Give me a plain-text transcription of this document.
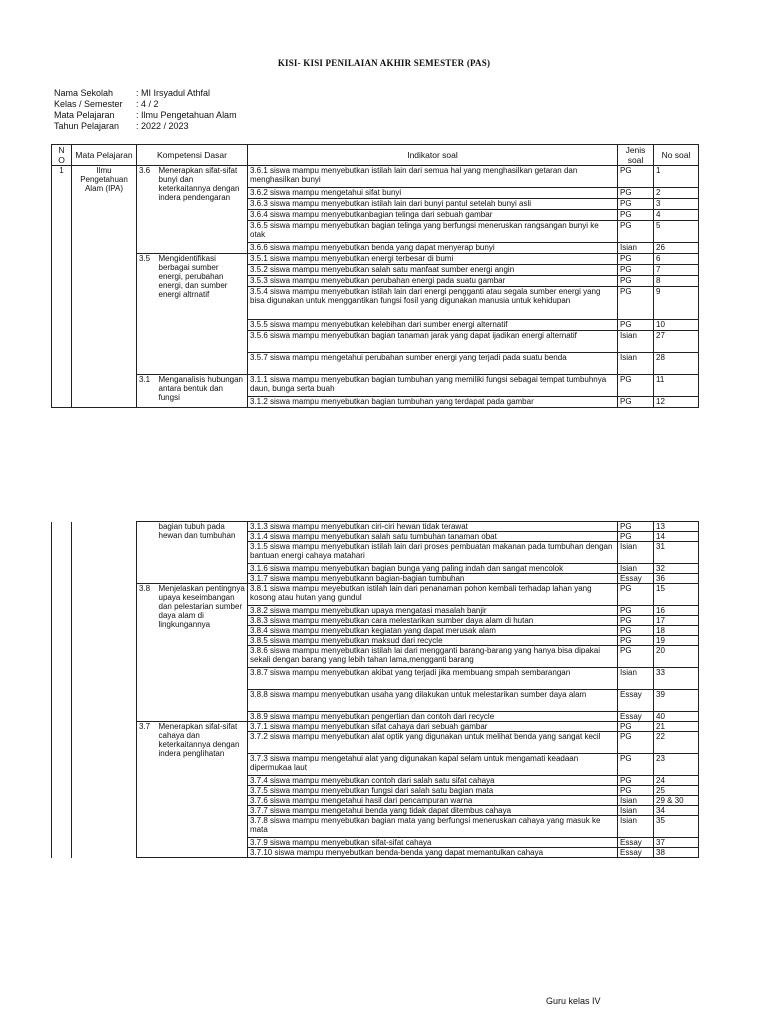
KISI- KISI PENILAIAN AKHIR SEMESTER (PAS)
Nama Sekolah	: MI Irsyadul Athfal
Kelas / Semester	: 4 / 2
Mata Pelajaran	: Ilmu Pengetahuan Alam
Tahun Pelajaran	: 2022 / 2023
N O	Mata Pelajaran	Kompetensi Dasar		Indikator soal	Jenis soal	No soal
1	Ilmu Pengetahuan Alam (IPA)	3.6	Menerapkan sifat-sifat bunyi dan keterkaitannya dengan indera pendengaran	3.6.1 siswa mampu menyebutkan istilah lain dari semua hal yang menghasilkan getaran dan menghasilkan bunyi	PG	1
				3.6.2 siswa mampu mengetahui sifat bunyi	PG	2
				3.6.3 siswa mampu menyebutkan istilah lain dari bunyi pantul setelah bunyi asli	PG	3
				3.6.4 siswa mampu menyebutkanbagian telinga dari sebuah gambar	PG	4
				3.6.5 siswa mampu menyebutkan bagian telinga yang berfungsi meneruskan rangsangan bunyi ke otak	PG	5
				3.6.6 siswa mampu menyebutkan benda yang dapat menyerap bunyi	Isian	26
		3.5	Mengidentifikasi berbagai sumber energi, perubahan energi, dan sumber energi altrnatif	3.5.1 siswa mampu menyebutkan energi terbesar di bumi	PG	6
				3.5.2 siswa mampu menyebutkan salah satu manfaat sumber energi angin	PG	7
				3.5.3 siswa mampu menyebutkan perubahan energi pada suatu gambar	PG	8
				3.5.4 siswa mampu menyebutkan istilah lain dari energi pengganti atau segala sumber energi yang bisa digunakan untuk menggantikan fungsi fosil yang digunakan manusia untuk kehidupan	PG	9
				3.5.5 siswa mampu menyebutkan kelebihan dari sumber energi alternatif	PG	10
				3.5.6 siswa mampu menyebutkan bagian tanaman jarak yang dapat ijadikan energi alternatif	Isian	27
				3.5.7 siswa mampu mengetahui perubahan sumber energi yang terjadi pada suatu benda	Isian	28
		3.1	Menganalisis hubungan antara bentuk dan fungsi	3.1.1 siswa mampu menyebutkan bagian tumbuhan yang memiliki fungsi sebagai tempat tumbuhnya daun, bunga serta buah	PG	11
				3.1.2 siswa mampu menyebutkan bagian tumbuhan yang terdapat pada gambar	PG	12
			bagian tubuh pada hewan dan tumbuhan	3.1.3 siswa mampu menyebutkan ciri-ciri hewan tidak terawat	PG	13
				3.1.4 siswa mampu menyebutkan salah satu tumbuhan tanaman obat	PG	14
				3.1.5 siswa mampu menyebutkan istilah lain dari proses pembuatan makanan pada tumbuhan dengan bantuan energi cahaya matahari	Isian	31
				3.1.6 siswa mampu menyebutkan bagian bunga yang paling indah dan sangat mencolok	Isian	32
				3.1.7 siswa mampu menyebutkann bagian-bagian tumbuhan	Essay	36
		3.8	Menjelaskan pentingnya upaya keseimbangan dan pelestarian sumber daya alam di lingkungannya	3.8.1 siswa mampu meyebutkan istilah lain dari penanaman pohon kembali terhadap lahan yang kosong atau hutan yang gundul	PG	15
				3.8.2 siswa mampu menyebutkan upaya mengatasi masalah banjir	PG	16
				3.8.3 siswa mampu menyebutkan cara melestarikan sumber daya alam di hutan	PG	17
				3.8.4 siswa mampu menyebutkan kegiatan yang dapat merusak alam	PG	18
				3.8.5 siswa mampu menyebutkan maksud dari recycle	PG	19
				3.8.6 siswa mampu menyebutkan istilah lai dari mengganti barang-barang yang hanya bisa dipakai sekali dengan barang yang lebih tahan lama,mengganti barang	PG	20
				3.8.7 siswa mampu menyebutkan akibat yang terjadi jika membuang smpah sembarangan	Isian	33
				3.8.8 siswa mampu menyebutkan usaha yang dilakukan untuk melestarikan sumber daya alam	Essay	39
				3.8.9 siswa mampu menyebutkan pengertian dan contoh dari recycle	Essay	40
		3.7	Menerapkan sifat-sifat cahaya dan keterkaitannya dengan indera penglihatan	3.7.1 siswa mampu menyebutkan sifat cahaya dari sebuah gambar	PG	21
				3.7.2 siswa mampu menyebutkan alat optik yang digunakan untuk melihat benda yang sangat kecil	PG	22
				3.7.3 siswa mampu mengetahui alat yang digunakan kapal selam untuk mengamati keadaan dipermukaa laut	PG	23
				3.7.4 siswa mampu menyebutkan contoh dari salah satu sifat cahaya	PG	24
				3.7.5 siswa mampu menyebutkan fungsi dari salah satu bagian mata	PG	25
				3.7.6 siswa mampu mengetahui hasil dari pencampuran warna	Isian	29 & 30
				3.7.7 siswa mampu mengetahui benda yang tidak dapat ditembus cahaya	Isian	34
				3.7.8 siswa mampu menyebutkan bagian mata yang berfungsi meneruskan cahaya yang masuk ke mata	Isian	35
				3.7.9 siswa mampu menyebutkan sifat-sifat cahaya	Essay	37
				3.7.10 siswa mampu menyebutkan benda-benda yang dapat memantulkan cahaya	Essay	38
Guru kelas IV
